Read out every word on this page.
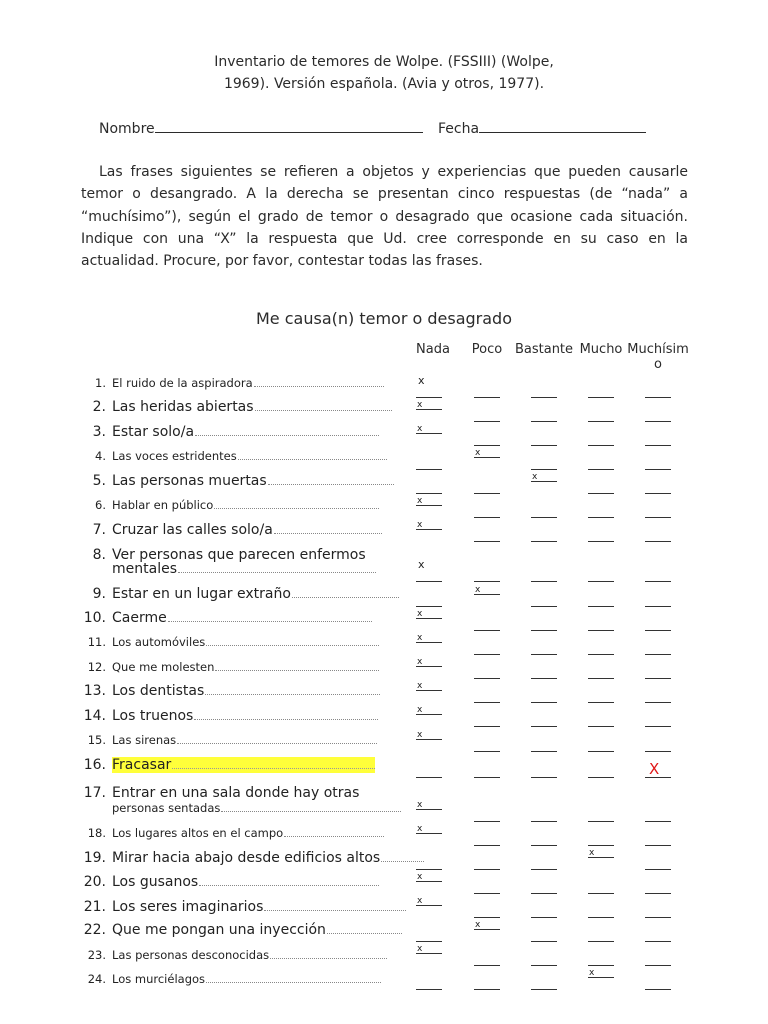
Inventario de temores de Wolpe. (FSSIII) (Wolpe,
1969). Versión española. (Avia y otros, 1977).
Nombre	Fecha

Las frases siguientes se refieren a objetos y experiencias que pueden causarle temor o desangrado. A la derecha se presentan cinco respuestas (de “nada” a “muchísimo”), según el grado de temor o desagrado que ocasione cada situación. Indique con una “X” la respuesta que Ud. cree corresponde en su caso en la actualidad. Procure, por favor, contestar todas las frases.

Me causa(n) temor o desagrado
Nada	Poco Bastante Mucho Muchísimo
1. El ruido de la aspiradora
2. Las heridas abiertas
3. Estar solo/a
4. Las voces estridentes
5. Las personas muertas
6. Hablar en público
7. Cruzar las calles solo/a
8. Ver personas que parecen enfermos
mentales
9. Estar en un lugar extraño
10. Caerme
11. Los automóviles
12. Que me molesten
13. Los dentistas
14. Los truenos
15. Las sirenas
16. Fracasar
17. Entrar en una sala donde hay otras
personas sentadas
18. Los lugares altos en el campo
19. Mirar hacia abajo desde edificios altos
20. Los gusanos
21. Los seres imaginarios
22. Que me pongan una inyección
23. Las personas desconocidas
24. Los murciélagos
x
x
x
x
x
x
x
x
x
x
x
x
x
x
x
X
x
x
x
x
x
x
x
x
